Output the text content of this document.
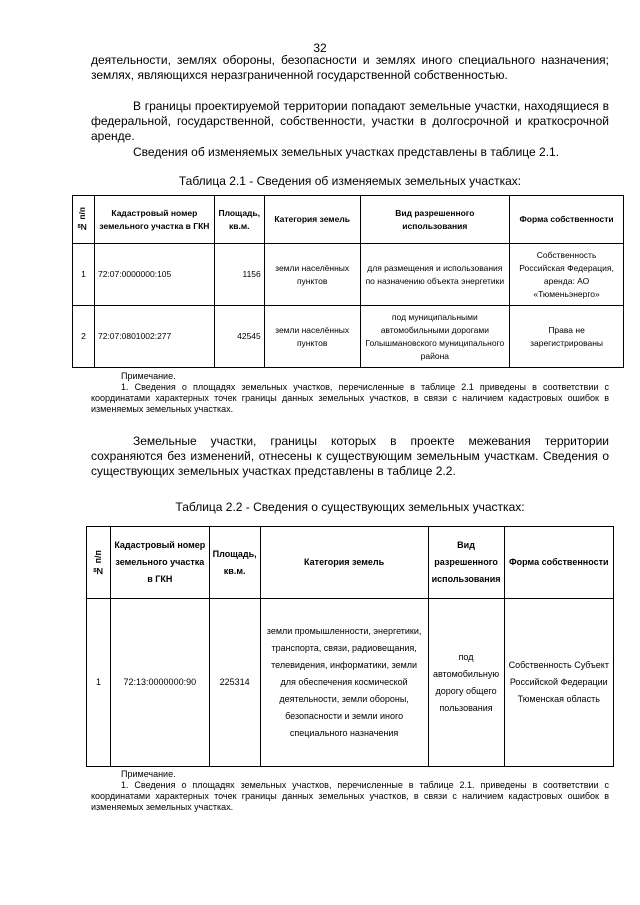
32
деятельности, землях обороны, безопасности и землях иного специального назначения; землях, являющихся неразграниченной государственной собственностью.
В границы проектируемой территории попадают земельные участки, находящиеся в федеральной, государственной, собственности, участки в долгосрочной и краткосрочной аренде.
Сведения об изменяемых земельных участках представлены в таблице 2.1.
Таблица 2.1 - Сведения об изменяемых земельных участках:
№ п/п	Кадастровый номер земельного участка в ГКН	Площадь, кв.м.	Категория земель	Вид разрешенного использования	Форма собственности
1	72:07:0000000:105	1156	земли населённых пунктов	для размещения и использования по назначению объекта энергетики	Собственность Российская Федерация, аренда: АО «Тюменьэнерго»
2	72:07:0801002:277	42545	земли населённых пунктов	под муниципальными автомобильными дорогами Голышмановского муниципального района	Права не зарегистрированы
Примечание.
1. Сведения о площадях земельных участков, перечисленные в таблице 2.1 приведены в соответствии с координатами характерных точек границы данных земельных участков, в связи с наличием кадастровых ошибок в изменяемых земельных участках.
Земельные участки, границы которых в проекте межевания территории сохраняются без изменений, отнесены к существующим земельным участкам. Сведения о существующих земельных участках представлены в таблице 2.2.
Таблица 2.2 - Сведения о существующих земельных участках:
№ п/п	Кадастровый номер земельного участка в ГКН	Площадь, кв.м.	Категория земель	Вид разрешенного использования	Форма собственности
1	72:13:0000000:90	225314	земли промышленности, энергетики, транспорта, связи, радиовещания, телевидения, информатики, земли для обеспечения космической деятельности, земли обороны, безопасности и земли иного специального назначения	под автомобильную дорогу общего пользования	Собственность Субъект Российской Федерации Тюменская область
Примечание.
1. Сведения о площадях земельных участков, перечисленные в таблице 2.1. приведены в соответствии с координатами характерных точек границы данных земельных участков, в связи с наличием кадастровых ошибок в изменяемых земельных участках.
